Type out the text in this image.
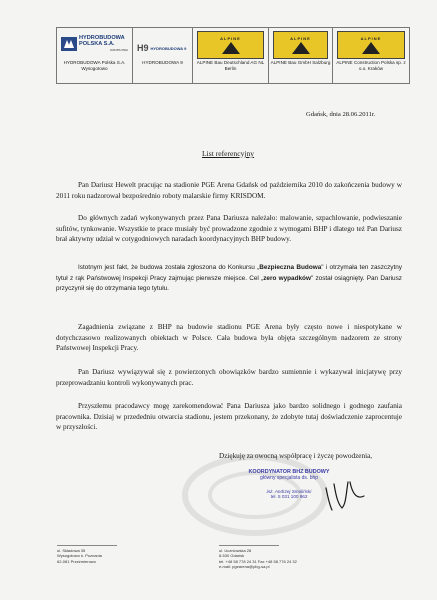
HYDROBUDOWA POLSKA S.A.
GRUPA PBG
HYDROBUDOWA Polska S.A. Wysogotowo
H9 HYDROBUDOWA 9
HYDROBUDOWA 9
ALPINE
ALPINE Bau Deutschland AG NL Berlin
ALPINE
ALPINE Bau GmbH Salzburg
ALPINE
ALPINE Construction Polska sp. z o.o. Kraków
Gdańsk, dnia 28.06.2011r.
List referencyjny
Pan Dariusz Hewelt pracując na stadionie PGE Arena Gdańsk od października 2010 do zakończenia budowy w 2011 roku nadzorował bezpośrednio roboty malarskie firmy KRISDOM.
Do głównych zadań wykonywanych przez Pana Dariusza należało: malowanie, szpachlowanie, podwieszanie sufitów, tynkowanie. Wszystkie te prace musiały być prowadzone zgodnie z wymogami BHP i dlatego też Pan Dariusz brał aktywny udział w cotygodniowych naradach koordynacyjnych BHP budowy.
Istotnym jest fakt, że budowa została zgłoszona do Konkursu „Bezpieczna Budowa" i otrzymała ten zaszczytny tytuł z rąk Państwowej Inspekcji Pracy zajmując pierwsze miejsce. Cel „zero wypadków" został osiągnięty. Pan Dariusz przyczynił się do otrzymania tego tytułu.
Zagadnienia związane z BHP na budowie stadionu PGE Arena były często nowe i niespotykane w dotychczasowo realizowanych obiektach w Polsce. Cała budowa była objęta szczególnym nadzorem ze strony Państwowej Inspekcji Pracy.
Pan Dariusz wywiązywał się z powierzonych obowiązków bardzo sumiennie i wykazywał inicjatywę przy przeprowadzaniu kontroli wykonywanych prac.
Przyszłemu pracodawcy mogę zarekomendować Pana Dariusza jako bardzo solidnego i godnego zaufania pracownika. Dzisiaj w przededniu otwarcia stadionu, jestem przekonany, że zdobyte tutaj doświadczenie zaprocentuje w przyszłości.
Dziękuję za owocną współpracę i życzę powodzenia,
KOORDYNATOR BHZ BUDOWY
główny specjalista ds. bhp
inż. Andrzej Smoliński
tel. 5 031 100 962
ul. Składowa 35
Wysogotowo k. Poznania
62-081 Przeźmierowo
ul. Uczniowska 28
8-530 Gdańsk
tel. +48 58 778 24 31 Fax +48 58 776 24 32
e-mail: pgearena@pbg-sa.pl
